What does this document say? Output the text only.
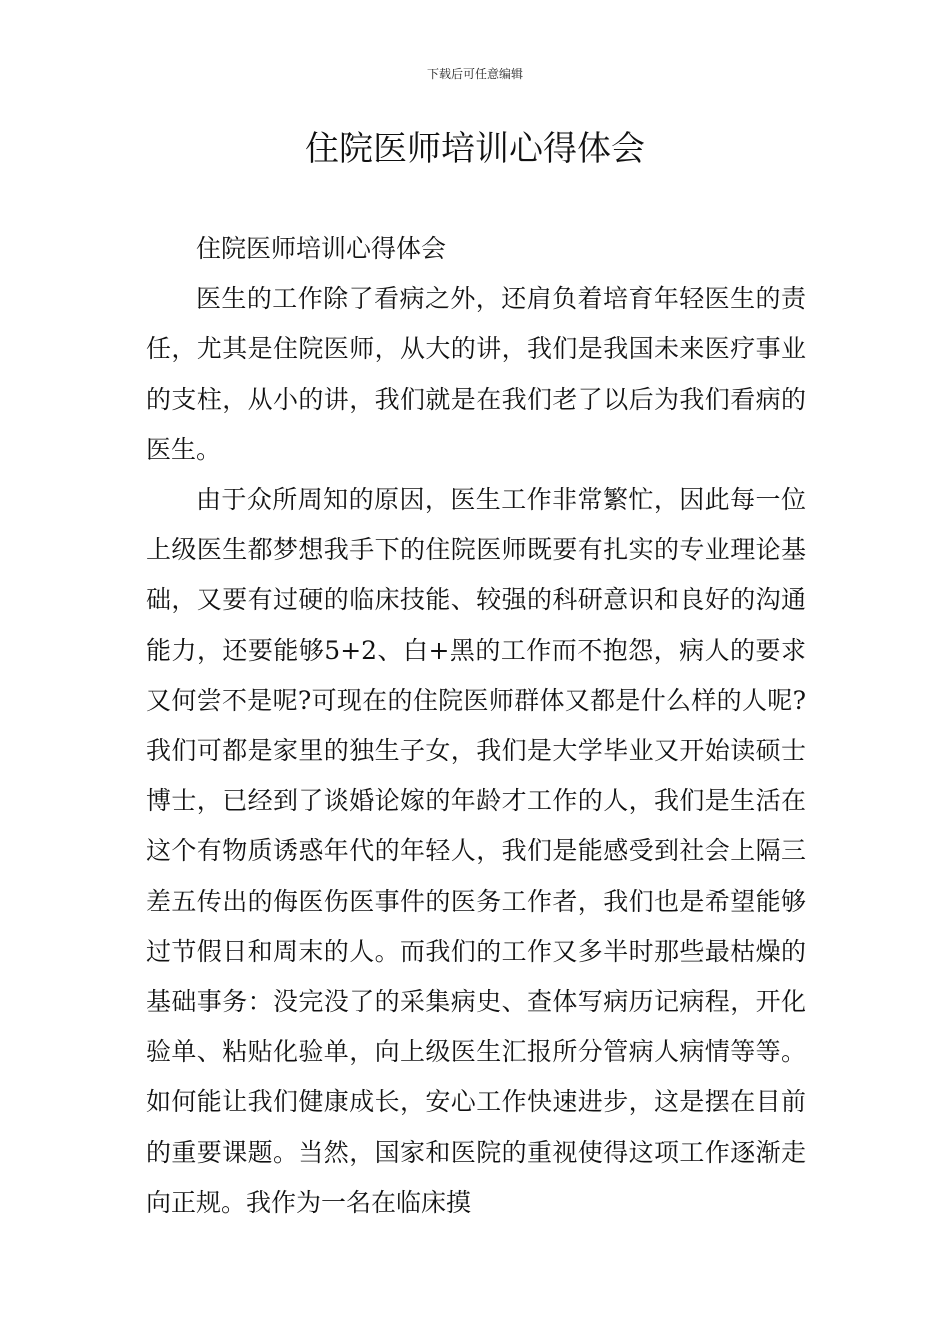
下载后可任意编辑
住院医师培训心得体会

住院医师培训心得体会

医生的工作除了看病之外，还肩负着培育年轻医生的责任，尤其是住院医师，从大的讲，我们是我国未来医疗事业的支柱，从小的讲，我们就是在我们老了以后为我们看病的医生。

由于众所周知的原因，医生工作非常繁忙，因此每一位上级医生都梦想我手下的住院医师既要有扎实的专业理论基础，又要有过硬的临床技能、较强的科研意识和良好的沟通能力，还要能够5+2、白+黑的工作而不抱怨，病人的要求又何尝不是呢?可现在的住院医师群体又都是什么样的人呢?我们可都是家里的独生子女，我们是大学毕业又开始读硕士博士，已经到了谈婚论嫁的年龄才工作的人，我们是生活在这个有物质诱惑年代的年轻人，我们是能感受到社会上隔三差五传出的侮医伤医事件的医务工作者，我们也是希望能够过节假日和周末的人。而我们的工作又多半时那些最枯燥的基础事务：没完没了的采集病史、查体写病历记病程，开化验单、粘贴化验单，向上级医生汇报所分管病人病情等等。如何能让我们健康成长，安心工作快速进步，这是摆在目前的重要课题。当然，国家和医院的重视使得这项工作逐渐走向正规。我作为一名在临床摸
